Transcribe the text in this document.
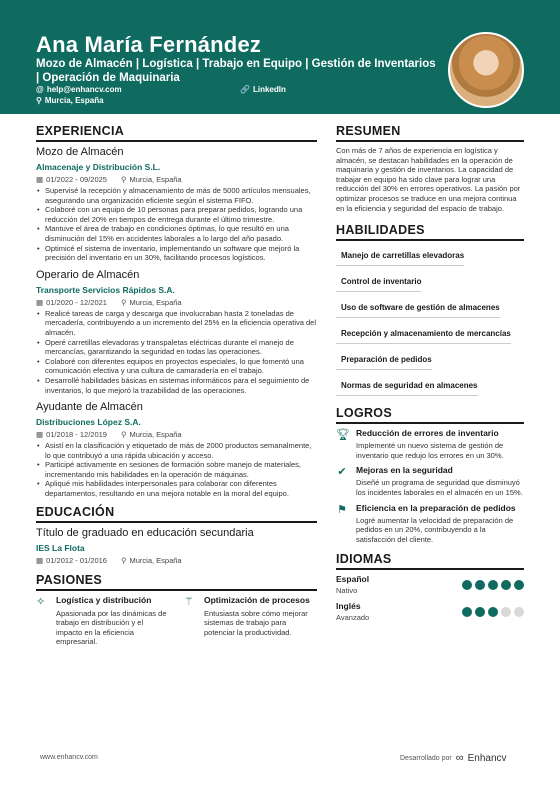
Ana María Fernández
Mozo de Almacén | Logística | Trabajo en Equipo | Gestión de Inventarios | Operación de Maquinaria
@ help@enhancv.com	🔗 LinkedIn
⚲ Murcia, España
EXPERIENCIA
Mozo de Almacén
Almacenaje y Distribución S.L.
▦ 01/2022 - 09/2025 ⚲ Murcia, España
• Supervisé la recepción y almacenamiento de más de 5000 artículos mensuales, asegurando una organización eficiente según el sistema FIFO.
• Colaboré con un equipo de 10 personas para preparar pedidos, logrando una reducción del 20% en tiempos de entrega durante el último trimestre.
• Mantuve el área de trabajo en condiciones óptimas, lo que resultó en una disminución del 15% en accidentes laborales a lo largo del año pasado.
• Optimicé el sistema de inventario, implementando un software que mejoró la precisión del inventario en un 30%, facilitando procesos logísticos.
Operario de Almacén
Transporte Servicios Rápidos S.A.
▦ 01/2020 - 12/2021 ⚲ Murcia, España
• Realicé tareas de carga y descarga que involucraban hasta 2 toneladas de mercadería, contribuyendo a un incremento del 25% en la eficiencia operativa del almacén.
• Operé carretillas elevadoras y transpaletas eléctricas durante el manejo de mercancías, garantizando la seguridad en todas las operaciones.
• Colaboré con diferentes equipos en proyectos especiales, lo que fomentó una comunicación efectiva y una cultura de camaradería en el trabajo.
• Desarrollé habilidades básicas en sistemas informáticos para el seguimiento de inventarios, lo que mejoró la trazabilidad de las operaciones.
Ayudante de Almacén
Distribuciones López S.A.
▦ 01/2018 - 12/2019 ⚲ Murcia, España
• Asistí en la clasificación y etiquetado de más de 2000 productos semanalmente, lo que contribuyó a una rápida ubicación y acceso.
• Participé activamente en sesiones de formación sobre manejo de materiales, incrementando mis habilidades en la operación de máquinas.
• Apliqué mis habilidades interpersonales para colaborar con diferentes departamentos, resultando en una mejora notable en la moral del equipo.
EDUCACIÓN
Título de graduado en educación secundaria
IES La Flota
▦ 01/2012 - 01/2016 ⚲ Murcia, España
PASIONES
✧	Logística y distribución
Apasionada por las dinámicas de trabajo en distribución y el impacto en la eficiencia empresarial.
⚚	Optimización de procesos
Entusiasta sobre cómo mejorar sistemas de trabajo para potenciar la productividad.
RESUMEN
Con más de 7 años de experiencia en logística y almacén, se destacan habilidades en la operación de maquinaria y gestión de inventarios. La capacidad de trabajar en equipo ha sido clave para lograr una reducción del 30% en errores operativos. La pasión por optimizar procesos se traduce en una mejora continua en la eficiencia y seguridad del espacio de trabajo.
HABILIDADES
Manejo de carretillas elevadoras
Control de inventario
Uso de software de gestión de almacenes
Recepción y almacenamiento de mercancías
Preparación de pedidos
Normas de seguridad en almacenes
LOGROS
🏆︎ Reducción de errores de inventario
Implementé un nuevo sistema de gestión de inventario que redujo los errores en un 30%.
✔ Mejoras en la seguridad
Diseñé un programa de seguridad que disminuyó los incidentes laborales en el almacén en un 15%.
⚑ Eficiencia en la preparación de pedidos
Logré aumentar la velocidad de preparación de pedidos en un 20%, contribuyendo a la satisfacción del cliente.
IDIOMAS
Español
Nativo
Inglés
Avanzado
www.enhancv.com	Desarrollado por ∞ Enhancv
